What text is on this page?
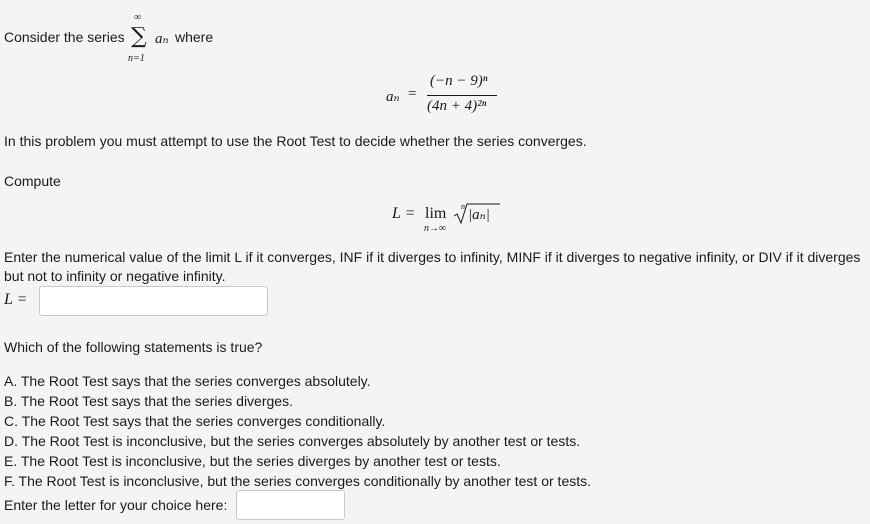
Consider the series
∞
∑
n=1
aₙ where
aₙ =
(−n − 9)ⁿ
(4n + 4)²ⁿ
In this problem you must attempt to use the Root Test to decide whether the series converges.
Compute
L = lim
n→∞
n
|aₙ|
Enter the numerical value of the limit L if it converges, INF if it diverges to infinity, MINF if it diverges to negative infinity, or DIV if it diverges
but not to infinity or negative infinity.
L =
Which of the following statements is true?
A. The Root Test says that the series converges absolutely.
B. The Root Test says that the series diverges.
C. The Root Test says that the series converges conditionally.
D. The Root Test is inconclusive, but the series converges absolutely by another test or tests.
E. The Root Test is inconclusive, but the series diverges by another test or tests.
F. The Root Test is inconclusive, but the series converges conditionally by another test or tests.
Enter the letter for your choice here:
